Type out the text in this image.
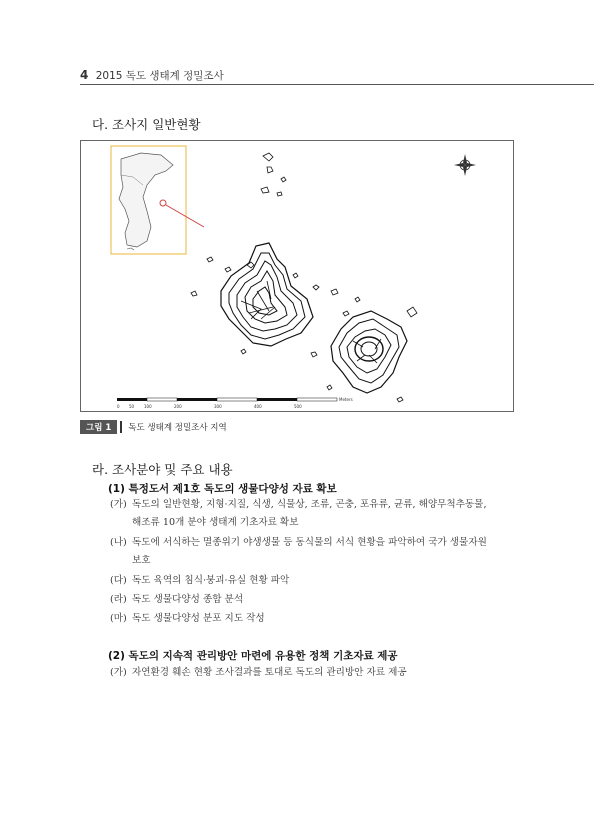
4 2015 독도 생태계 정밀조사
다. 조사지 일반현황
0 50 100	200	300	400	500
Meters
그림 1	독도 생태계 정밀조사 지역
라. 조사분야 및 주요 내용
(1) 특정도서 제1호 독도의 생물다양성 자료 확보
(가) 독도의 일반현황, 지형·지질, 식생, 식물상, 조류, 곤충, 포유류, 균류, 해양무척추동물,
해조류 10개 분야 생태계 기초자료 확보
(나) 독도에 서식하는 멸종위기 야생생물 등 동식물의 서식 현황을 파악하여 국가 생물자원
보호
(다) 독도 육역의 침식·붕괴·유실 현황 파악
(라) 독도 생물다양성 종합 분석
(마) 독도 생물다양성 분포 지도 작성
(2) 독도의 지속적 관리방안 마련에 유용한 정책 기초자료 제공
(가) 자연환경 훼손 현황 조사결과를 토대로 독도의 관리방안 자료 제공
